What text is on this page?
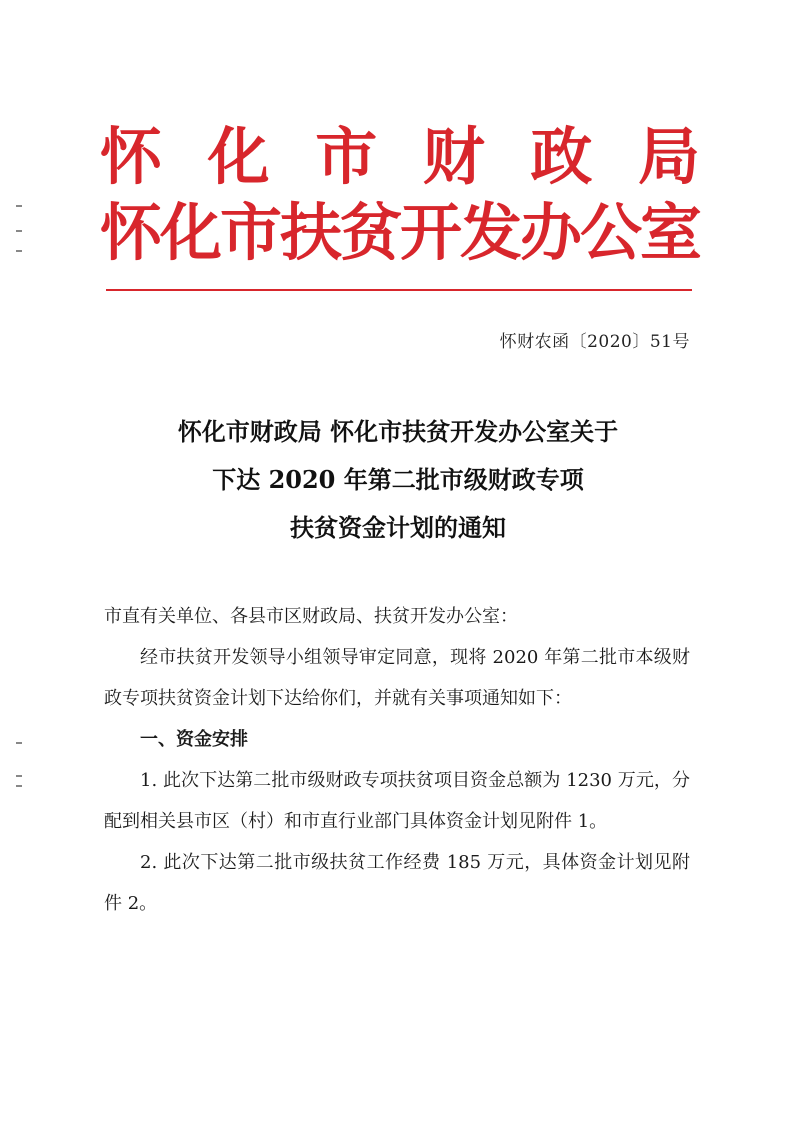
怀 化 市 财 政 局
怀化市扶贫开发办公室
怀财农函〔2020〕51号
怀化市财政局 怀化市扶贫开发办公室关于
下达 2020 年第二批市级财政专项
扶贫资金计划的通知
市直有关单位、各县市区财政局、扶贫开发办公室：
经市扶贫开发领导小组领导审定同意，现将 2020 年第二批市本级财政专项扶贫资金计划下达给你们，并就有关事项通知如下：
一、资金安排
1. 此次下达第二批市级财政专项扶贫项目资金总额为 1230 万元，分配到相关县市区（村）和市直行业部门具体资金计划见附件 1。
2. 此次下达第二批市级扶贫工作经费 185 万元，具体资金计划见附件 2。
